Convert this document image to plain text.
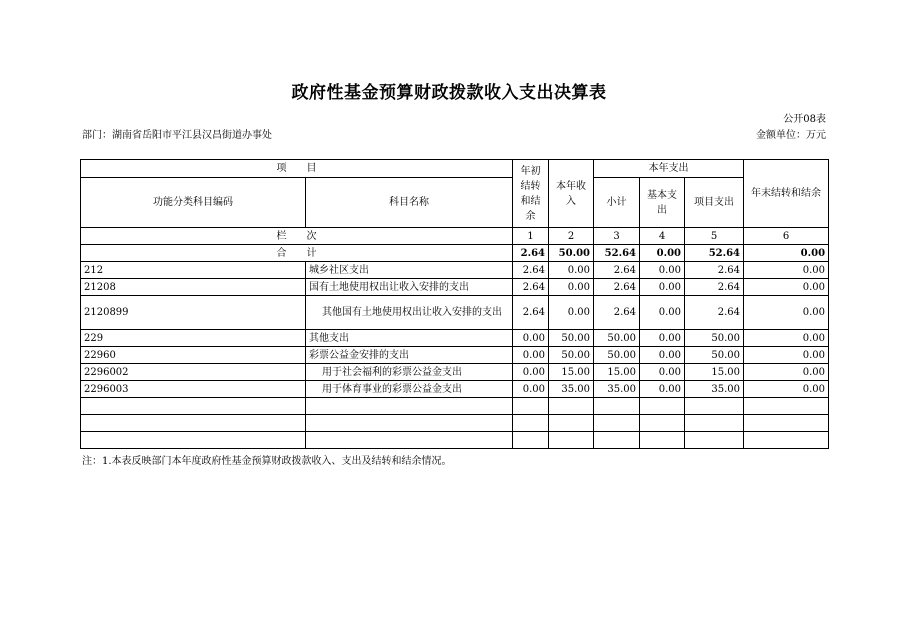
政府性基金预算财政拨款收入支出决算表
公开08表
部门：湖南省岳阳市平江县汉昌街道办事处	金额单位：万元
项　　目		年初结转和结余	本年收入	本年支出			年末结转和结余
功能分类科目编码	科目名称			小计	基本支出	项目支出	

栏　　次		1	2	3	4	5	6
合　　计		2.64	50.00	52.64	0.00	52.64	0.00
212	城乡社区支出	2.64	0.00	2.64	0.00	2.64	0.00
21208	国有土地使用权出让收入安排的支出	2.64	0.00	2.64	0.00	2.64	0.00
2120899	其他国有土地使用权出让收入安排的支出	2.64	0.00	2.64	0.00	2.64	0.00
229	其他支出	0.00	50.00	50.00	0.00	50.00	0.00
22960	彩票公益金安排的支出	0.00	50.00	50.00	0.00	50.00	0.00
2296002	用于社会福利的彩票公益金支出	0.00	15.00	15.00	0.00	15.00	0.00
2296003	用于体育事业的彩票公益金支出	0.00	35.00	35.00	0.00	35.00	0.00

注：1.本表反映部门本年度政府性基金预算财政拨款收入、支出及结转和结余情况。
